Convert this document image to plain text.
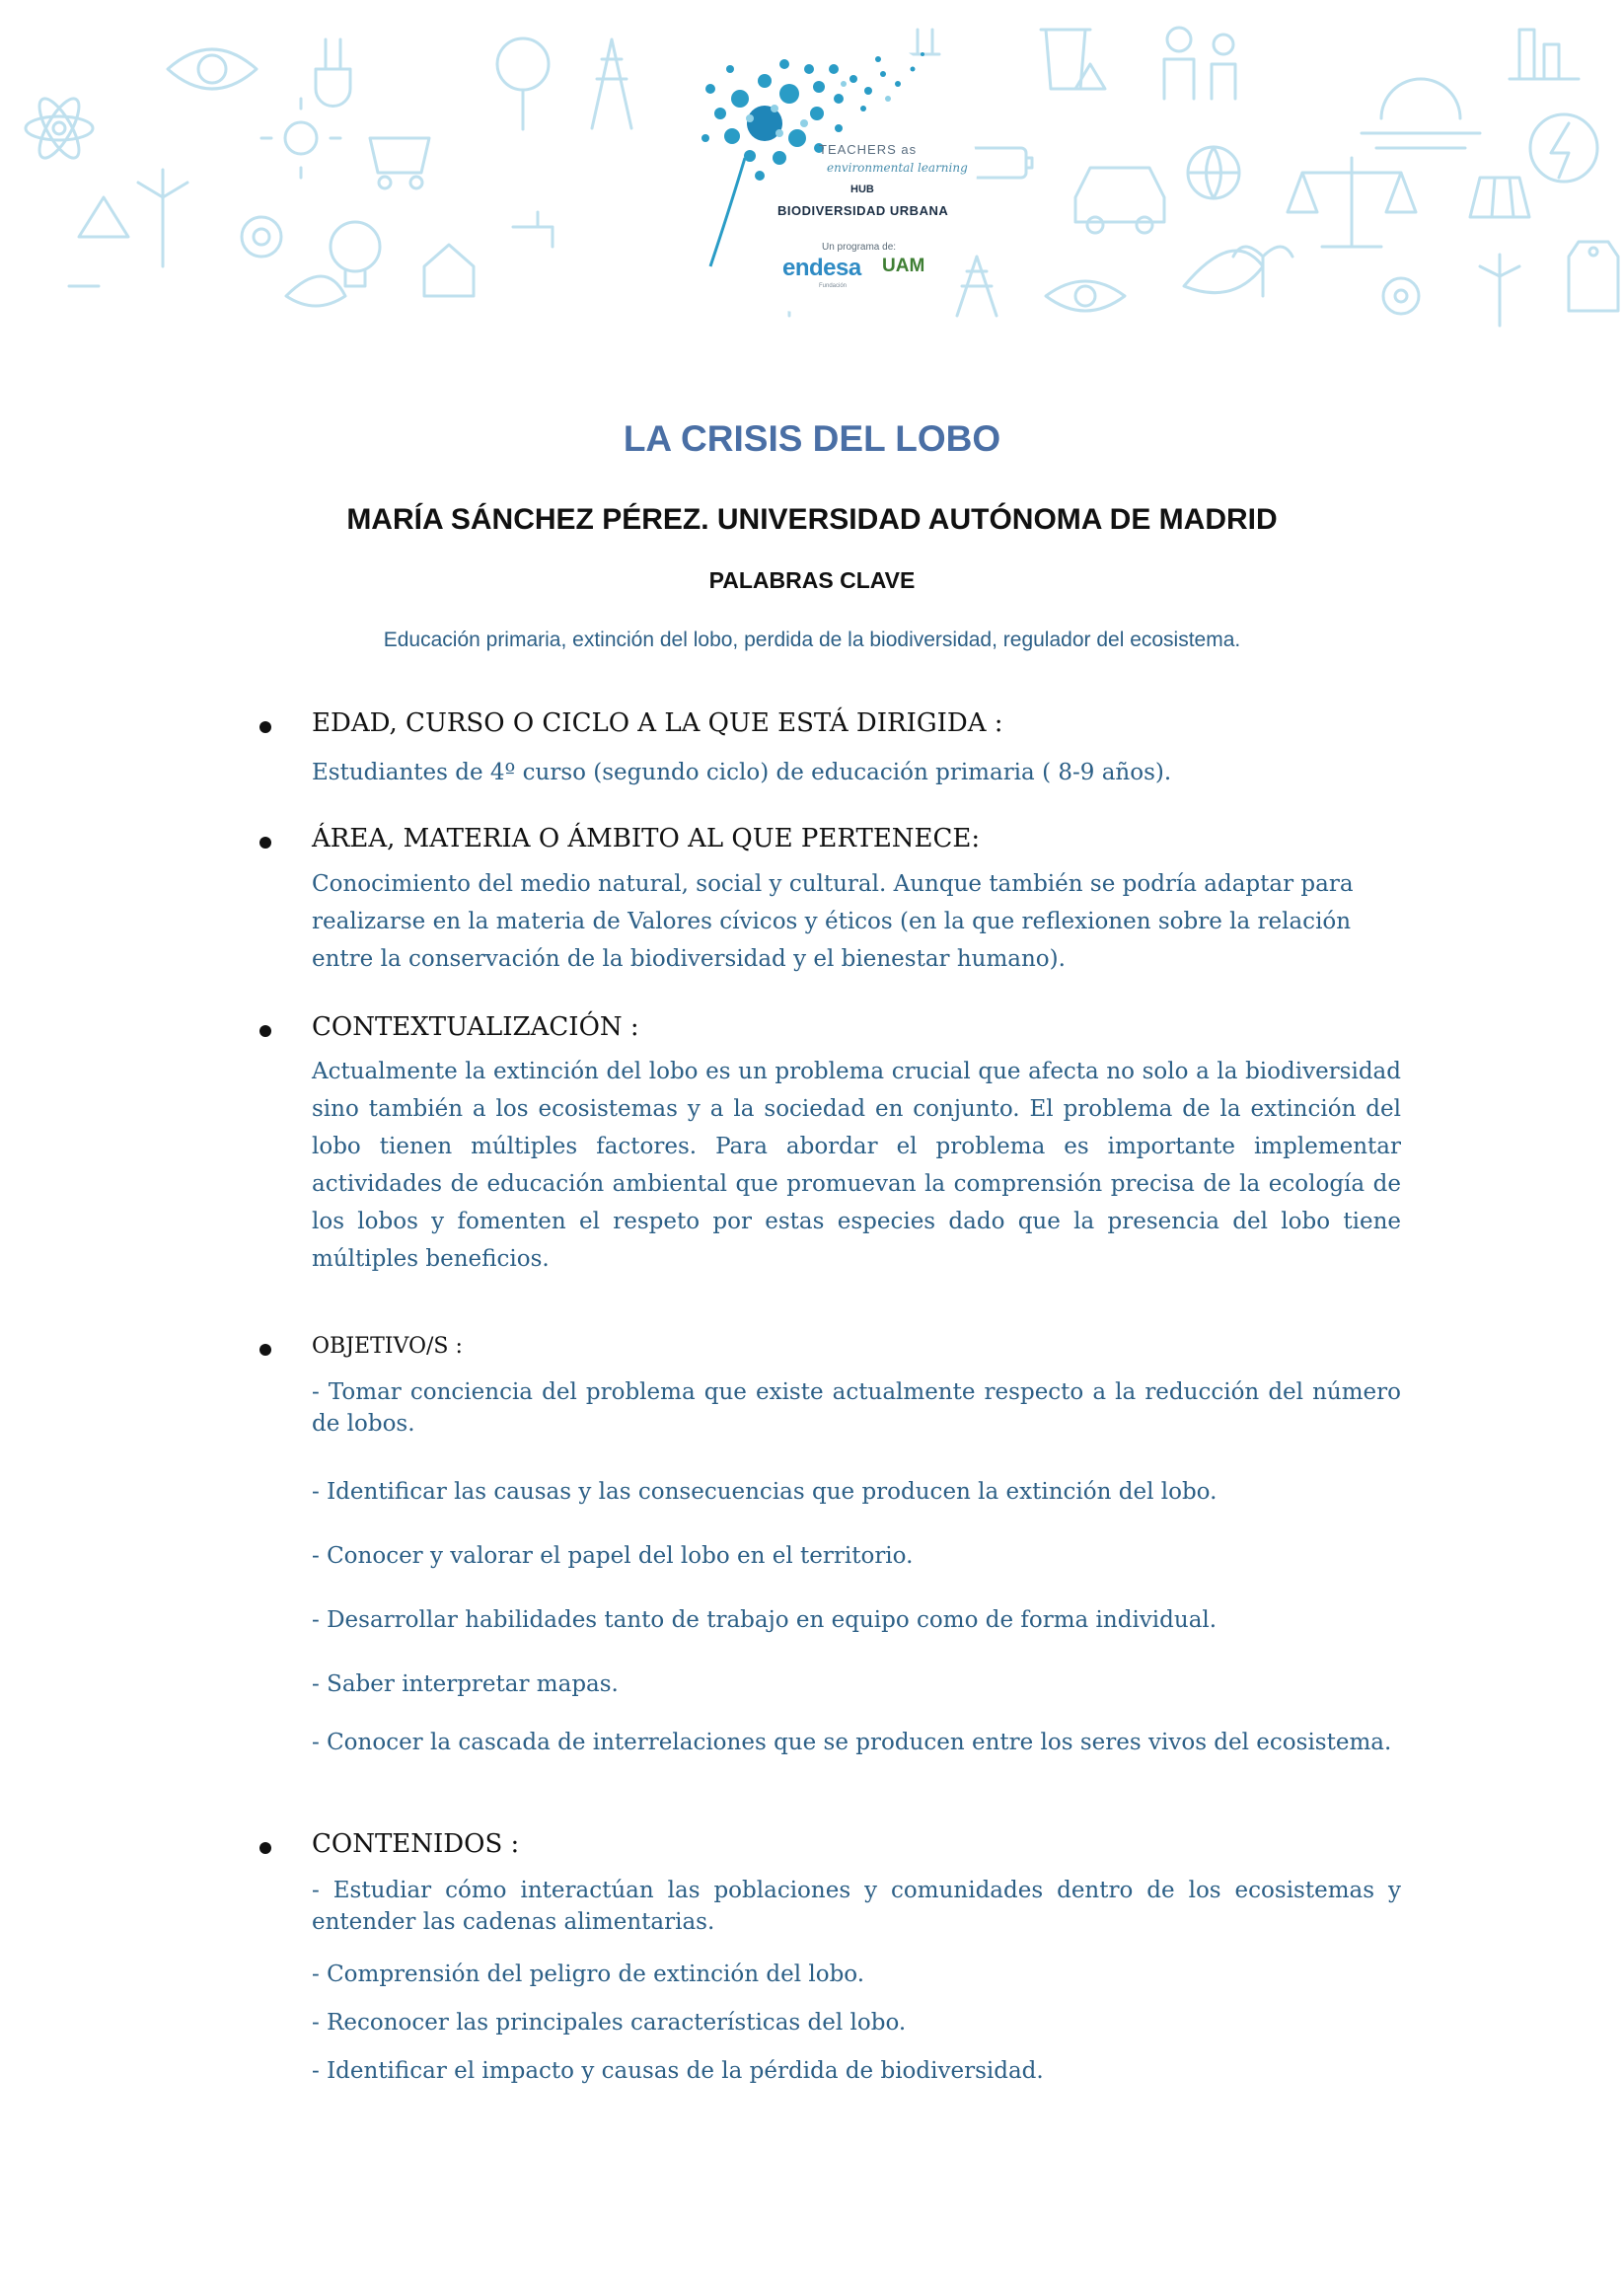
TEACHERS as
environmental learning
HUB
BIODIVERSIDAD URBANA
Un programa de:
endesa
Fundación
UAM
LA CRISIS DEL LOBO
MARÍA SÁNCHEZ PÉREZ. UNIVERSIDAD AUTÓNOMA DE MADRID
PALABRAS CLAVE
Educación primaria, extinción del lobo, perdida de la biodiversidad, regulador del ecosistema.
EDAD, CURSO O CICLO A LA QUE ESTÁ DIRIGIDA :
Estudiantes de 4º curso (segundo ciclo) de educación primaria ( 8-9 años).
ÁREA, MATERIA O ÁMBITO AL QUE PERTENECE:
Conocimiento del medio natural, social y cultural. Aunque también se podría adaptar para realizarse en la materia de Valores cívicos y éticos (en la que reflexionen sobre la relación entre la conservación de la biodiversidad y el bienestar humano).
CONTEXTUALIZACIÓN :
Actualmente la extinción del lobo es un problema crucial que afecta no solo a la biodiversidad sino también a los ecosistemas y a la sociedad en conjunto. El problema de la extinción del lobo tienen múltiples factores. Para abordar el problema es importante implementar actividades de educación ambiental que promuevan la comprensión precisa de la ecología de los lobos y fomenten el respeto por estas especies dado que la presencia del lobo tiene múltiples beneficios.
OBJETIVO/S :
- Tomar conciencia del problema que existe actualmente respecto a la reducción del número de lobos.
- Identificar las causas y las consecuencias que producen la extinción del lobo.
- Conocer y valorar el papel del lobo en el territorio.
- Desarrollar habilidades tanto de trabajo en equipo como de forma individual.
- Saber interpretar mapas.
- Conocer la cascada de interrelaciones que se producen entre los seres vivos del ecosistema.
CONTENIDOS :
- Estudiar cómo interactúan las poblaciones y comunidades dentro de los ecosistemas y entender las cadenas alimentarias.
- Comprensión del peligro de extinción del lobo.
- Reconocer las principales características del lobo.
- Identificar el impacto y causas de la pérdida de biodiversidad.
